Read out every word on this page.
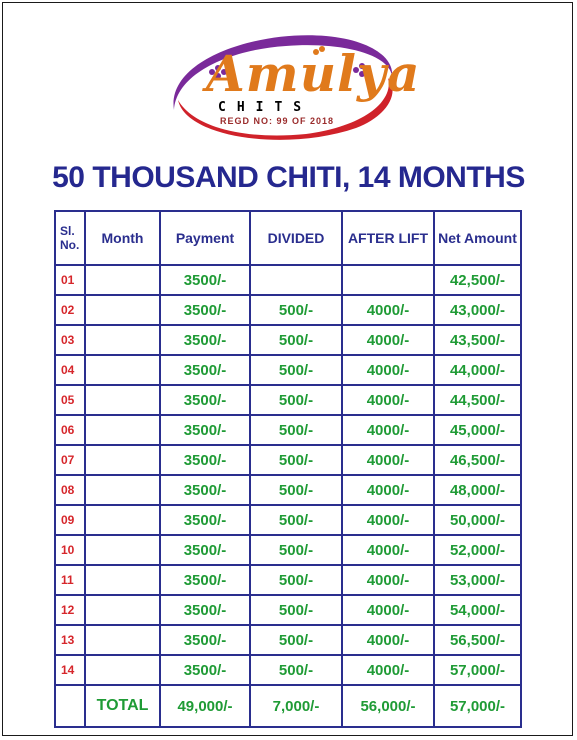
Amulya
CHITS
REGD NO: 99 OF 2018
50 THOUSAND CHITI, 14 MONTHS
Sl. No.	Month	Payment	DIVIDED	AFTER LIFT	Net Amount
01		3500/-			42,500/-
02		3500/-	500/-	4000/-	43,000/-
03		3500/-	500/-	4000/-	43,500/-
04		3500/-	500/-	4000/-	44,000/-
05		3500/-	500/-	4000/-	44,500/-
06		3500/-	500/-	4000/-	45,000/-
07		3500/-	500/-	4000/-	46,500/-
08		3500/-	500/-	4000/-	48,000/-
09		3500/-	500/-	4000/-	50,000/-
10		3500/-	500/-	4000/-	52,000/-
11		3500/-	500/-	4000/-	53,000/-
12		3500/-	500/-	4000/-	54,000/-
13		3500/-	500/-	4000/-	56,500/-
14		3500/-	500/-	4000/-	57,000/-
	TOTAL	49,000/-	7,000/-	56,000/-	57,000/-
